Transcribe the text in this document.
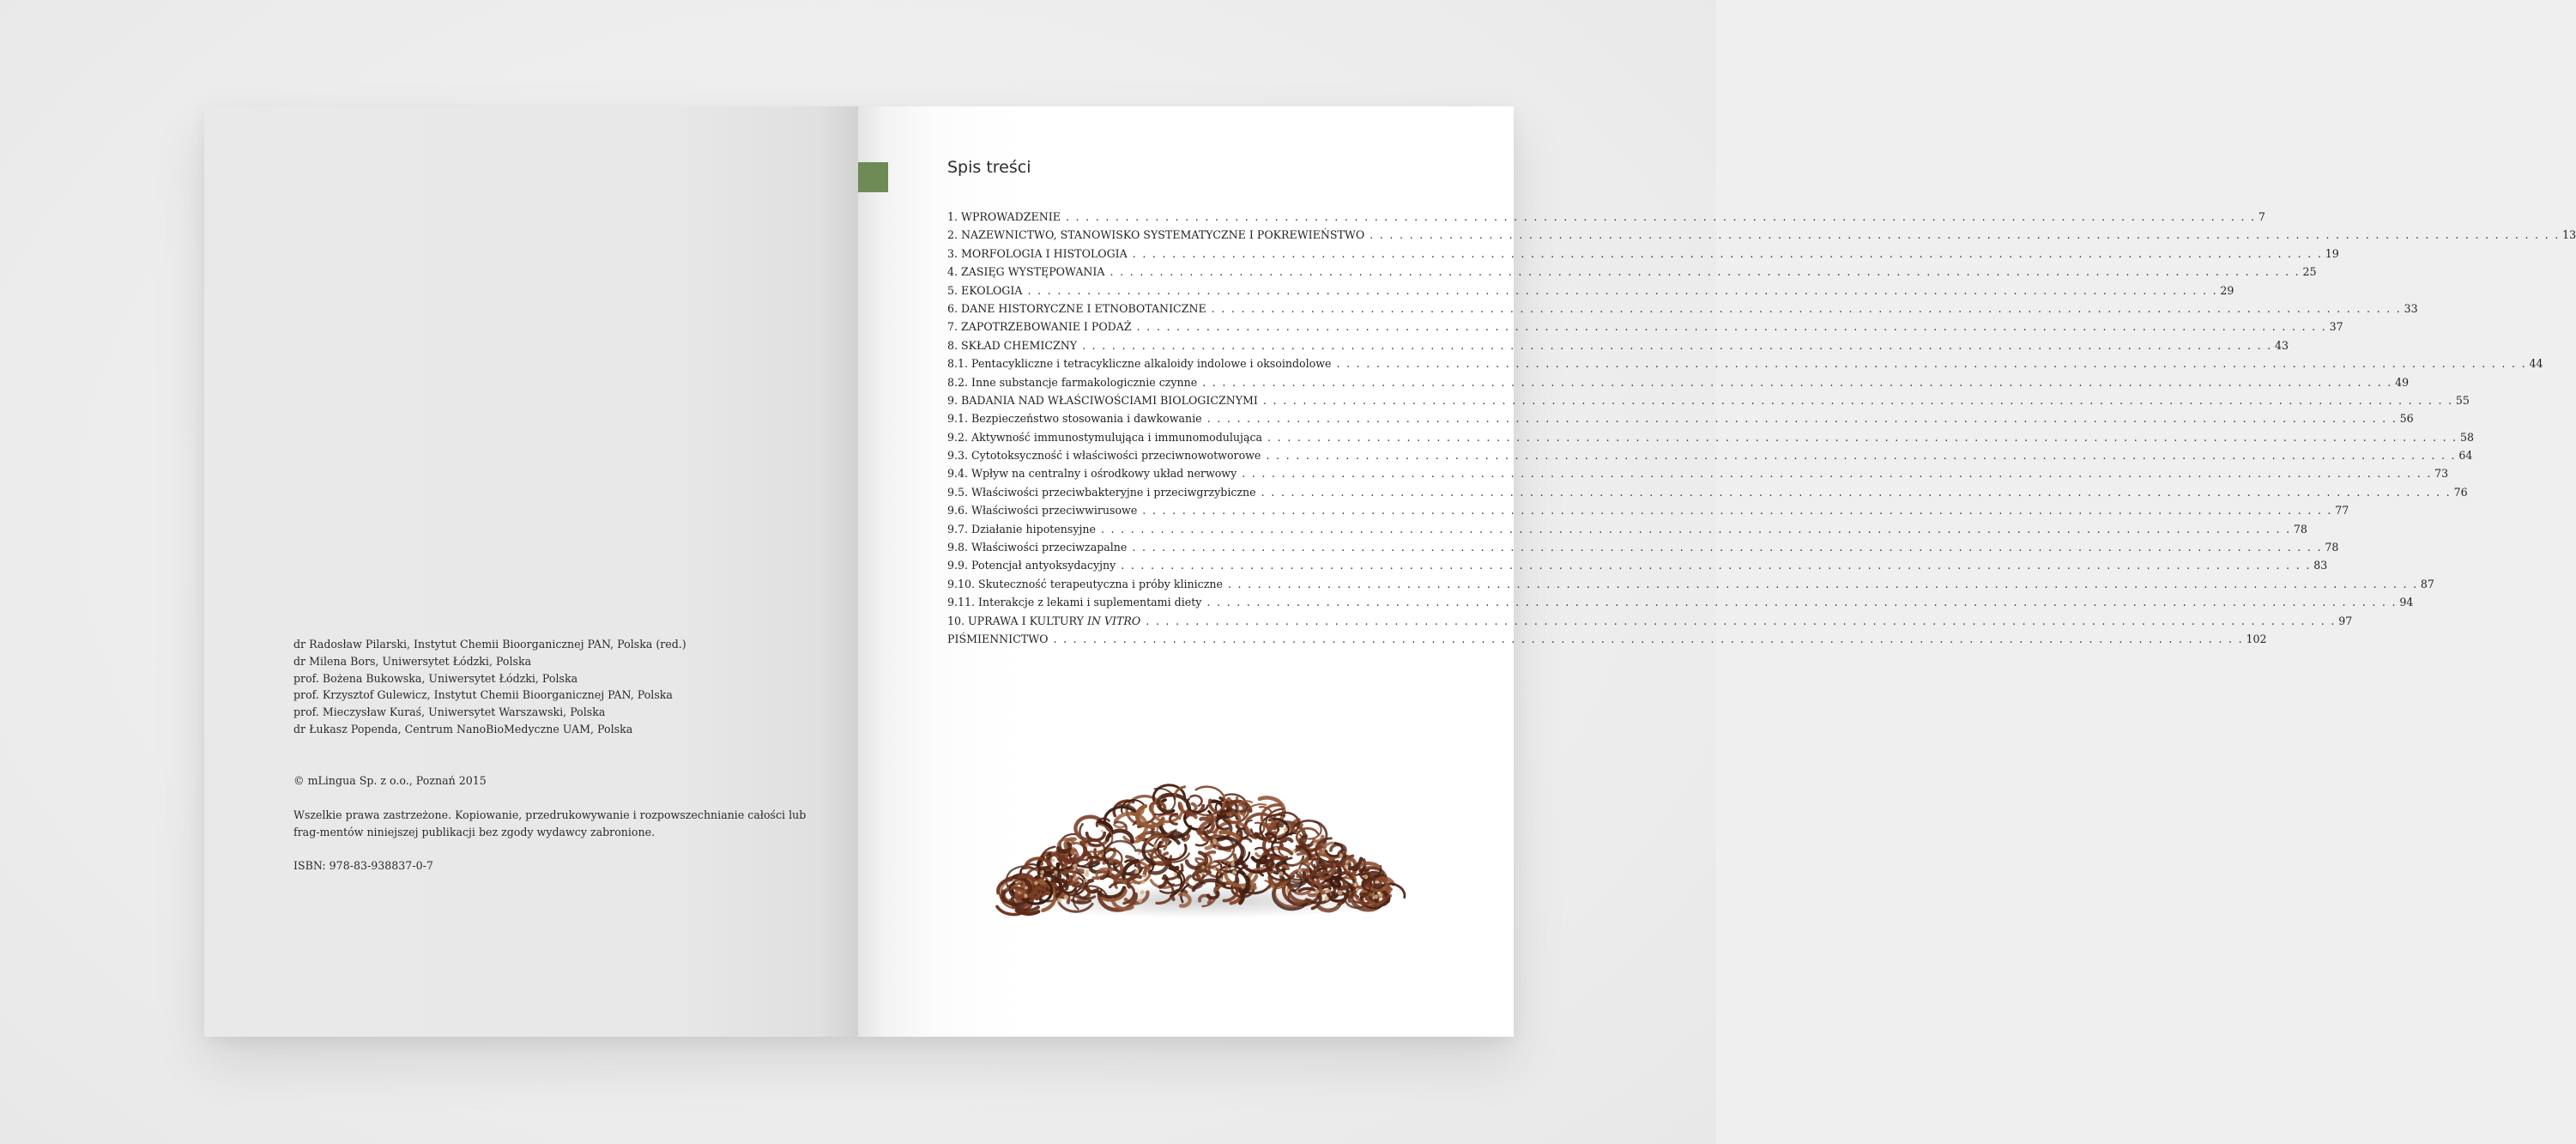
dr Radosław Pilarski, Instytut Chemii Bioorganicznej PAN, Polska (red.)
dr Milena Bors, Uniwersytet Łódzki, Polska
prof. Bożena Bukowska, Uniwersytet Łódzki, Polska
prof. Krzysztof Gulewicz, Instytut Chemii Bioorganicznej PAN, Polska
prof. Mieczysław Kuraś, Uniwersytet Warszawski, Polska
dr Łukasz Popenda, Centrum NanoBioMedyczne UAM, Polska
© mLingua Sp. z o.o., Poznań 2015
Wszelkie prawa zastrzeżone. Kopiowanie, przedrukowywanie i rozpowszechnianie całości lub frag-mentów niniejszej publikacji bez zgody wydawcy zabronione.
ISBN: 978-83-938837-0-7
Spis treści
1. WPROWADZENIE . . . . . . . . . . . . . . . . . . . . . . . . . . . . . . . . . . . . . . . . . . . . . . . . . . . . . . . . . . . . . . . . . . . . . . . . . . . . . . . . . . . . . . . . . . . . . . . . . . . . . . . . . . . . . . . . . . . . . . . . 7
2. NAZEWNICTWO, STANOWISKO SYSTEMATYCZNE I POKREWIEŃSTWO . . . . . . . . . . . . . . . . . . . . . . . . . . . . . . . . . . . . . . . . . . . . . . . . . . . . . . . . . . . . . . . . . . . . . . . . . . . . . . . . . . . . . . . . . . . . . . . . . . . . . . . . . . . . . . . . . . . . . . . . 13
3. MORFOLOGIA I HISTOLOGIA . . . . . . . . . . . . . . . . . . . . . . . . . . . . . . . . . . . . . . . . . . . . . . . . . . . . . . . . . . . . . . . . . . . . . . . . . . . . . . . . . . . . . . . . . . . . . . . . . . . . . . . . . . . . . . . . . . . . . . . . 19
4. ZASIĘG WYSTĘPOWANIA . . . . . . . . . . . . . . . . . . . . . . . . . . . . . . . . . . . . . . . . . . . . . . . . . . . . . . . . . . . . . . . . . . . . . . . . . . . . . . . . . . . . . . . . . . . . . . . . . . . . . . . . . . . . . . . . . . . . . . . . 25
5. EKOLOGIA . . . . . . . . . . . . . . . . . . . . . . . . . . . . . . . . . . . . . . . . . . . . . . . . . . . . . . . . . . . . . . . . . . . . . . . . . . . . . . . . . . . . . . . . . . . . . . . . . . . . . . . . . . . . . . . . . . . . . . . . 29
6. DANE HISTORYCZNE I ETNOBOTANICZNE . . . . . . . . . . . . . . . . . . . . . . . . . . . . . . . . . . . . . . . . . . . . . . . . . . . . . . . . . . . . . . . . . . . . . . . . . . . . . . . . . . . . . . . . . . . . . . . . . . . . . . . . . . . . . . . . . . . . . . . . 33
7. ZAPOTRZEBOWANIE I PODAŻ . . . . . . . . . . . . . . . . . . . . . . . . . . . . . . . . . . . . . . . . . . . . . . . . . . . . . . . . . . . . . . . . . . . . . . . . . . . . . . . . . . . . . . . . . . . . . . . . . . . . . . . . . . . . . . . . . . . . . . . . 37
8. SKŁAD CHEMICZNY . . . . . . . . . . . . . . . . . . . . . . . . . . . . . . . . . . . . . . . . . . . . . . . . . . . . . . . . . . . . . . . . . . . . . . . . . . . . . . . . . . . . . . . . . . . . . . . . . . . . . . . . . . . . . . . . . . . . . . . . 43
8.1. Pentacykliczne i tetracykliczne alkaloidy indolowe i oksoindolowe . . . . . . . . . . . . . . . . . . . . . . . . . . . . . . . . . . . . . . . . . . . . . . . . . . . . . . . . . . . . . . . . . . . . . . . . . . . . . . . . . . . . . . . . . . . . . . . . . . . . . . . . . . . . . . . . . . . . . . . . 44
8.2. Inne substancje farmakologicznie czynne . . . . . . . . . . . . . . . . . . . . . . . . . . . . . . . . . . . . . . . . . . . . . . . . . . . . . . . . . . . . . . . . . . . . . . . . . . . . . . . . . . . . . . . . . . . . . . . . . . . . . . . . . . . . . . . . . . . . . . . . 49
9. BADANIA NAD WŁAŚCIWOŚCIAMI BIOLOGICZNYMI . . . . . . . . . . . . . . . . . . . . . . . . . . . . . . . . . . . . . . . . . . . . . . . . . . . . . . . . . . . . . . . . . . . . . . . . . . . . . . . . . . . . . . . . . . . . . . . . . . . . . . . . . . . . . . . . . . . . . . . . 55
9.1. Bezpieczeństwo stosowania i dawkowanie . . . . . . . . . . . . . . . . . . . . . . . . . . . . . . . . . . . . . . . . . . . . . . . . . . . . . . . . . . . . . . . . . . . . . . . . . . . . . . . . . . . . . . . . . . . . . . . . . . . . . . . . . . . . . . . . . . . . . . . . 56
9.2. Aktywność immunostymulująca i immunomodulująca . . . . . . . . . . . . . . . . . . . . . . . . . . . . . . . . . . . . . . . . . . . . . . . . . . . . . . . . . . . . . . . . . . . . . . . . . . . . . . . . . . . . . . . . . . . . . . . . . . . . . . . . . . . . . . . . . . . . . . . . 58
9.3. Cytotoksyczność i właściwości przeciwnowotworowe . . . . . . . . . . . . . . . . . . . . . . . . . . . . . . . . . . . . . . . . . . . . . . . . . . . . . . . . . . . . . . . . . . . . . . . . . . . . . . . . . . . . . . . . . . . . . . . . . . . . . . . . . . . . . . . . . . . . . . . . 64
9.4. Wpływ na centralny i ośrodkowy układ nerwowy . . . . . . . . . . . . . . . . . . . . . . . . . . . . . . . . . . . . . . . . . . . . . . . . . . . . . . . . . . . . . . . . . . . . . . . . . . . . . . . . . . . . . . . . . . . . . . . . . . . . . . . . . . . . . . . . . . . . . . . . 73
9.5. Właściwości przeciwbakteryjne i przeciwgrzybiczne . . . . . . . . . . . . . . . . . . . . . . . . . . . . . . . . . . . . . . . . . . . . . . . . . . . . . . . . . . . . . . . . . . . . . . . . . . . . . . . . . . . . . . . . . . . . . . . . . . . . . . . . . . . . . . . . . . . . . . . . 76
9.6. Właściwości przeciwwirusowe . . . . . . . . . . . . . . . . . . . . . . . . . . . . . . . . . . . . . . . . . . . . . . . . . . . . . . . . . . . . . . . . . . . . . . . . . . . . . . . . . . . . . . . . . . . . . . . . . . . . . . . . . . . . . . . . . . . . . . . . 77
9.7. Działanie hipotensyjne . . . . . . . . . . . . . . . . . . . . . . . . . . . . . . . . . . . . . . . . . . . . . . . . . . . . . . . . . . . . . . . . . . . . . . . . . . . . . . . . . . . . . . . . . . . . . . . . . . . . . . . . . . . . . . . . . . . . . . . . 78
9.8. Właściwości przeciwzapalne . . . . . . . . . . . . . . . . . . . . . . . . . . . . . . . . . . . . . . . . . . . . . . . . . . . . . . . . . . . . . . . . . . . . . . . . . . . . . . . . . . . . . . . . . . . . . . . . . . . . . . . . . . . . . . . . . . . . . . . . 78
9.9. Potencjał antyoksydacyjny . . . . . . . . . . . . . . . . . . . . . . . . . . . . . . . . . . . . . . . . . . . . . . . . . . . . . . . . . . . . . . . . . . . . . . . . . . . . . . . . . . . . . . . . . . . . . . . . . . . . . . . . . . . . . . . . . . . . . . . . 83
9.10. Skuteczność terapeutyczna i próby kliniczne . . . . . . . . . . . . . . . . . . . . . . . . . . . . . . . . . . . . . . . . . . . . . . . . . . . . . . . . . . . . . . . . . . . . . . . . . . . . . . . . . . . . . . . . . . . . . . . . . . . . . . . . . . . . . . . . . . . . . . . . 87
9.11. Interakcje z lekami i suplementami diety . . . . . . . . . . . . . . . . . . . . . . . . . . . . . . . . . . . . . . . . . . . . . . . . . . . . . . . . . . . . . . . . . . . . . . . . . . . . . . . . . . . . . . . . . . . . . . . . . . . . . . . . . . . . . . . . . . . . . . . . 94
10. UPRAWA I KULTURY IN VITRO . . . . . . . . . . . . . . . . . . . . . . . . . . . . . . . . . . . . . . . . . . . . . . . . . . . . . . . . . . . . . . . . . . . . . . . . . . . . . . . . . . . . . . . . . . . . . . . . . . . . . . . . . . . . . . . . . . . . . . . . 97
PIŚMIENNICTWO . . . . . . . . . . . . . . . . . . . . . . . . . . . . . . . . . . . . . . . . . . . . . . . . . . . . . . . . . . . . . . . . . . . . . . . . . . . . . . . . . . . . . . . . . . . . . . . . . . . . . . . . . . . . . . . . . . . . . . . . 102
